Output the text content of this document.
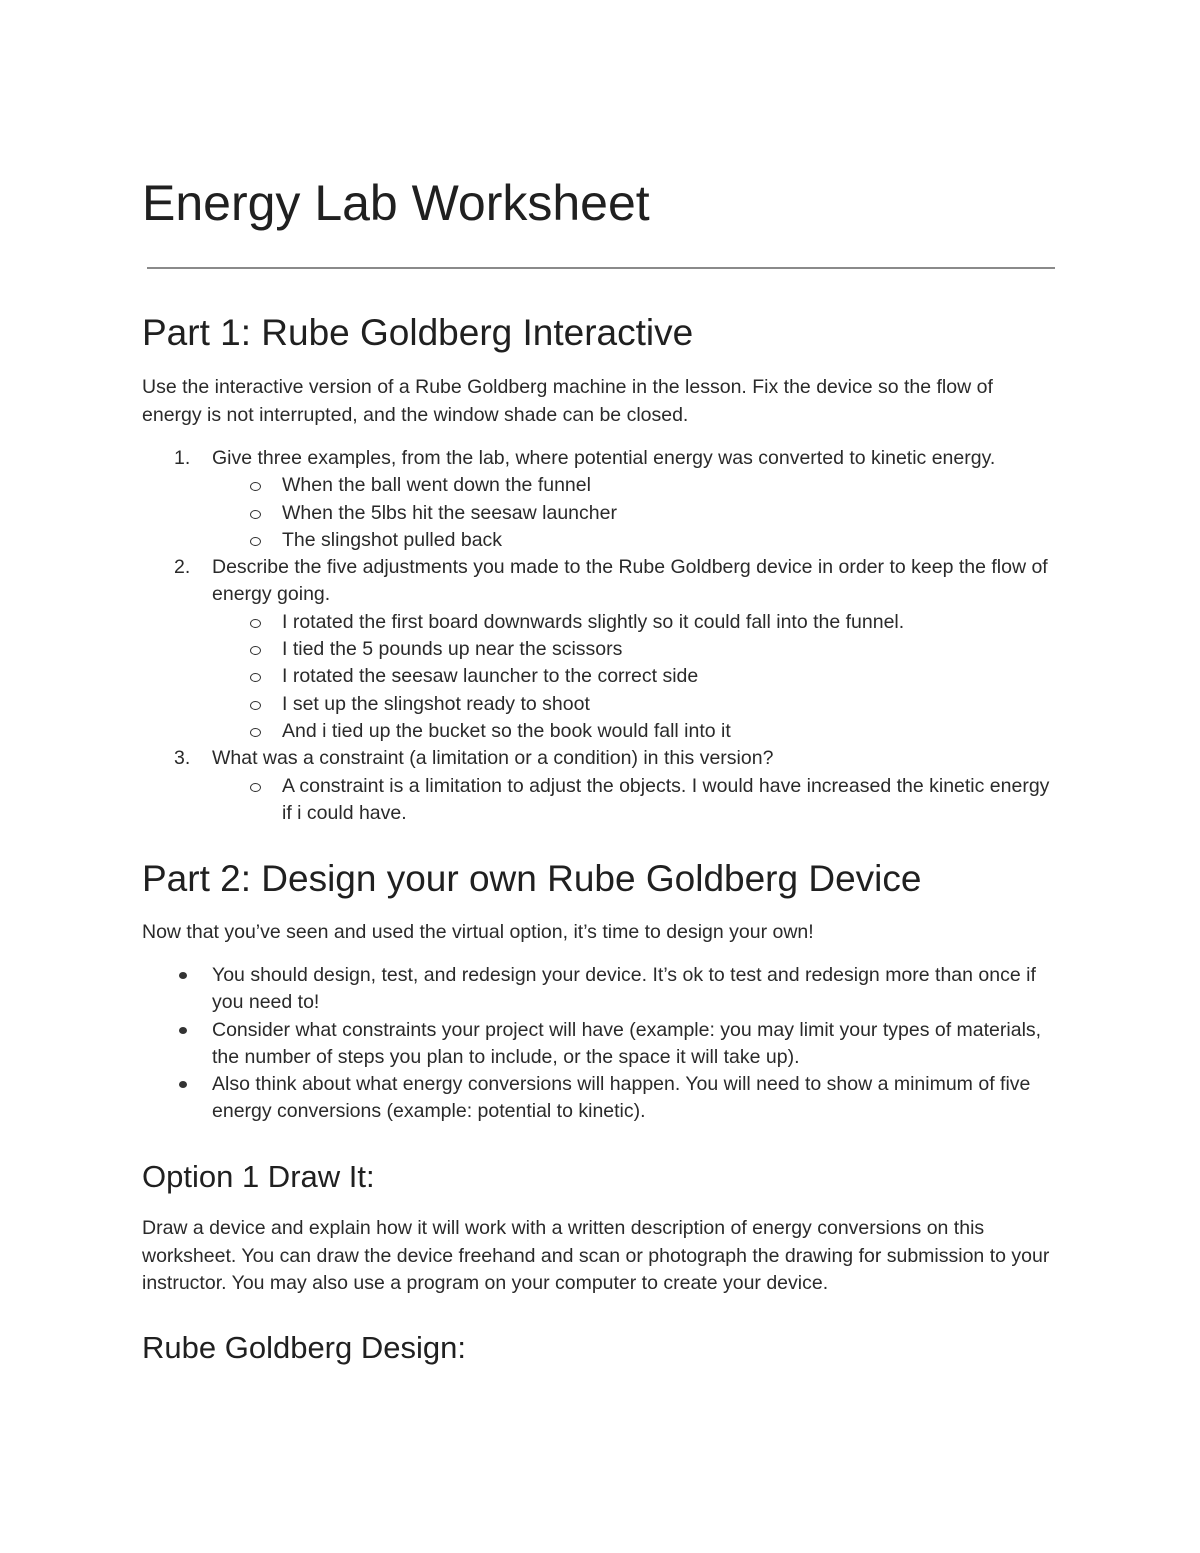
Energy Lab Worksheet
Part 1: Rube Goldberg Interactive

Use the interactive version of a Rube Goldberg machine in the lesson. Fix the device so the flow of energy is not interrupted, and the window shade can be closed.

1.	Give three examples, from the lab, where potential energy was converted to kinetic energy.
When the ball went down the funnel
When the 5lbs hit the seesaw launcher
The slingshot pulled back
2.	Describe the five adjustments you made to the Rube Goldberg device in order to keep the flow of energy going.
I rotated the first board downwards slightly so it could fall into the funnel.
I tied the 5 pounds up near the scissors
I rotated the seesaw launcher to the correct side
I set up the slingshot ready to shoot
And i tied up the bucket so the book would fall into it
3.	What was a constraint (a limitation or a condition) in this version?
A constraint is a limitation to adjust the objects. I would have increased the kinetic energy if i could have.
Part 2: Design your own Rube Goldberg Device

Now that you’ve seen and used the virtual option, it’s time to design your own!

You should design, test, and redesign your device. It’s ok to test and redesign more than once if you need to!
Consider what constraints your project will have (example: you may limit your types of materials, the number of steps you plan to include, or the space it will take up).
Also think about what energy conversions will happen. You will need to show a minimum of five energy conversions (example: potential to kinetic).
Option 1 Draw It:

Draw a device and explain how it will work with a written description of energy conversions on this worksheet. You can draw the device freehand and scan or photograph the drawing for submission to your instructor. You may also use a program on your computer to create your device.

Rube Goldberg Design:
